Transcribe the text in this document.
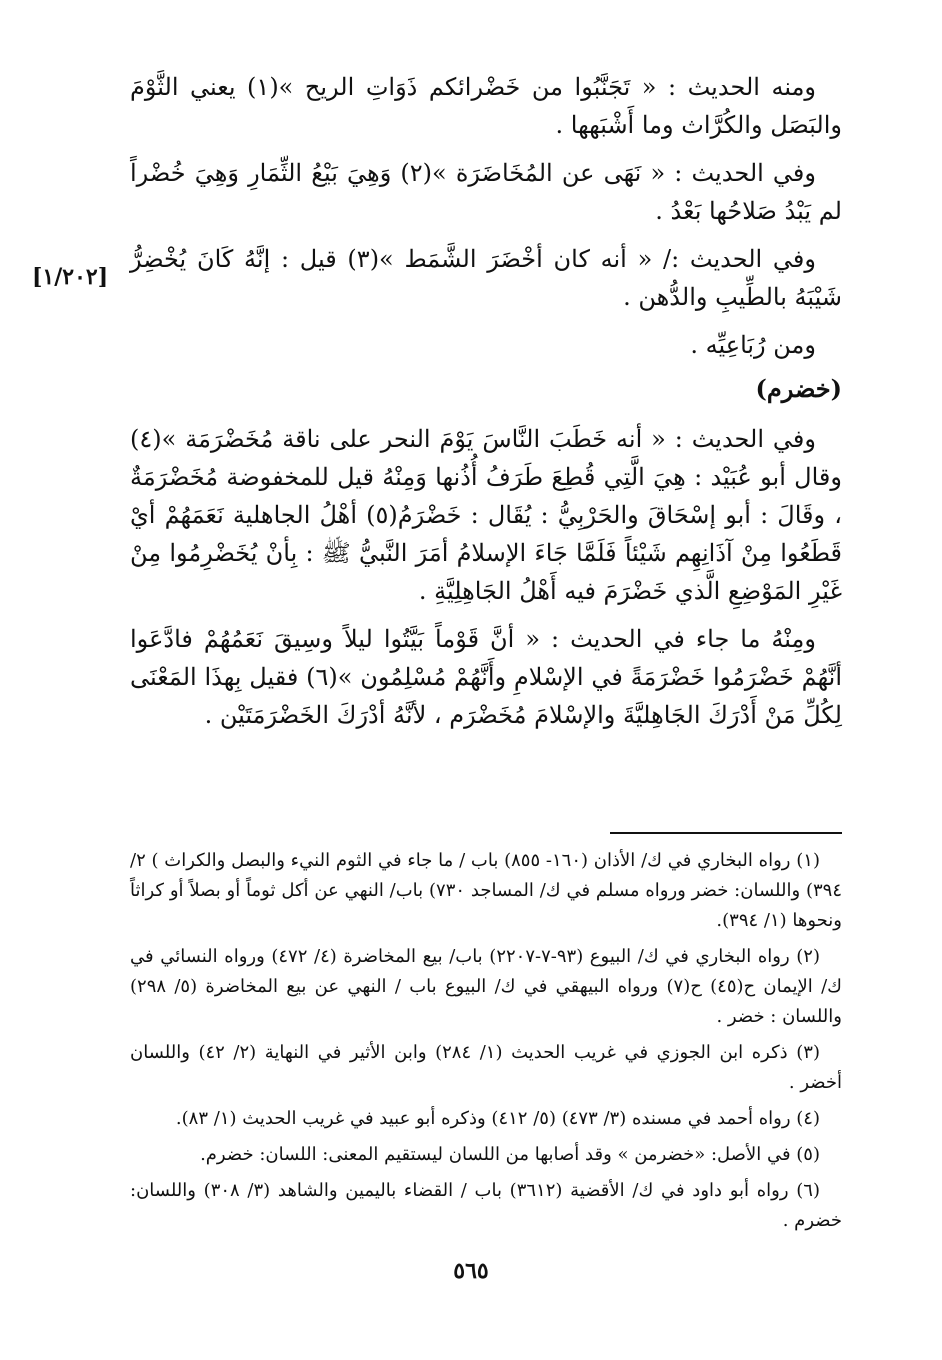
[١/٢٠٢]

ومنه الحديث : « تَجَنَّبُوا من خَضْرائكم ذَوَاتِ الريح »(١) يعني الثَّوْمَ والبَصَل والكُرَّاث وما أَشْبَهها .

وفي الحديث : « نَهَى عن المُخَاضَرَة »(٢) وَهِيَ بَيْعُ الثِّمَارِ وَهِيَ خُضْراً لم يَبْدُ صَلاحُها بَعْدُ .

وفي الحديث :/ « أنه كان أخْضَرَ الشَّمَط »(٣) قيل : إنَّهُ كَانَ يُخْضِرُّ شَيْبَهُ بالطِّيبِ والدُّهن .

ومن رُبَاعِيِّه .

(خضرم)

وفي الحديث : « أنه خَطَبَ النَّاسَ يَوْمَ النحر على ناقة مُخَضْرَمَة »(٤) وقال أبو عُبَيْد : هِيَ الَّتِي قُطِعَ طَرَفُ أُذُنها وَمِنْهُ قيل للمخفوضة مُخَضْرَمَةٌ ، وقَالَ : أبو إسْحَاقَ والحَرْبِيُّ : يُقَال : خَضْرَمُ(٥) أهْلُ الجاهلية نَعَمَهُمْ أيْ قَطَعُوا مِنْ آذَانِهِم شَيْئاً فَلَمَّا جَاءَ الإسلامُ أمَرَ النَّبيُّ ﷺ : بِأنْ يُخَضْرِمُوا مِنْ غَيْرِ المَوْضِعِ الَّذي خَضْرَمَ فيه أَهْلُ الجَاهِلِيَّةِ .

ومِنْهُ ما جاء في الحديث : « أنَّ قَوْماً بَيَّتُوا ليلاً وسِيقَ نَعَمُهُمْ فادَّعَوا أنَّهُمْ خَضْرَمُوا خَضْرَمَةً في الإسْلامِ وأَنَّهُمْ مُسْلِمُون »(٦) فقيل بِهذَا المَعْنَى لِكُلِّ مَنْ أَدْرَكَ الجَاهِليَّةَ والإسْلامَ مُخَضْرَم ، لأنَّهُ أدْرَكَ الخَضْرَمَتَيْن .

(١) رواه البخاري في ك/ الأذان (١٦٠- ٨٥٥) باب / ما جاء في الثوم النيء والبصل والكراث ) ٢/ ٣٩٤) واللسان: خضر ورواه مسلم في ك/ المساجد ٧٣٠) باب/ النهي عن أكل ثوماً أو بصلاً أو كراثاً ونحوها (١/ ٣٩٤).

(٢) رواه البخاري في ك/ البيوع (٩٣-٧-٢٢٠٧) باب/ بيع المخاضرة (٤/ ٤٧٢) ورواه النسائي في ك/ الإيمان ح(٤٥) ح(٧) ورواه البيهقي في ك/ البيوع باب / النهي عن بيع المخاضرة (٥/ ٢٩٨) واللسان : خضر .

(٣) ذكره ابن الجوزي في غريب الحديث (١/ ٢٨٤) وابن الأثير في النهاية (٢/ ٤٢) واللسان أخضر .

(٤) رواه أحمد في مسنده (٣/ ٤٧٣) (٥/ ٤١٢) وذكره أبو عبيد في غريب الحديث (١/ ٨٣).

(٥) في الأصل: «خضرمن » وقد أصابها من اللسان ليستقيم المعنى: اللسان: خضرم.

(٦) رواه أبو داود في ك/ الأقضية (٣٦١٢) باب / القضاء باليمين والشاهد (٣/ ٣٠٨) واللسان: خضرم .

٥٦٥
